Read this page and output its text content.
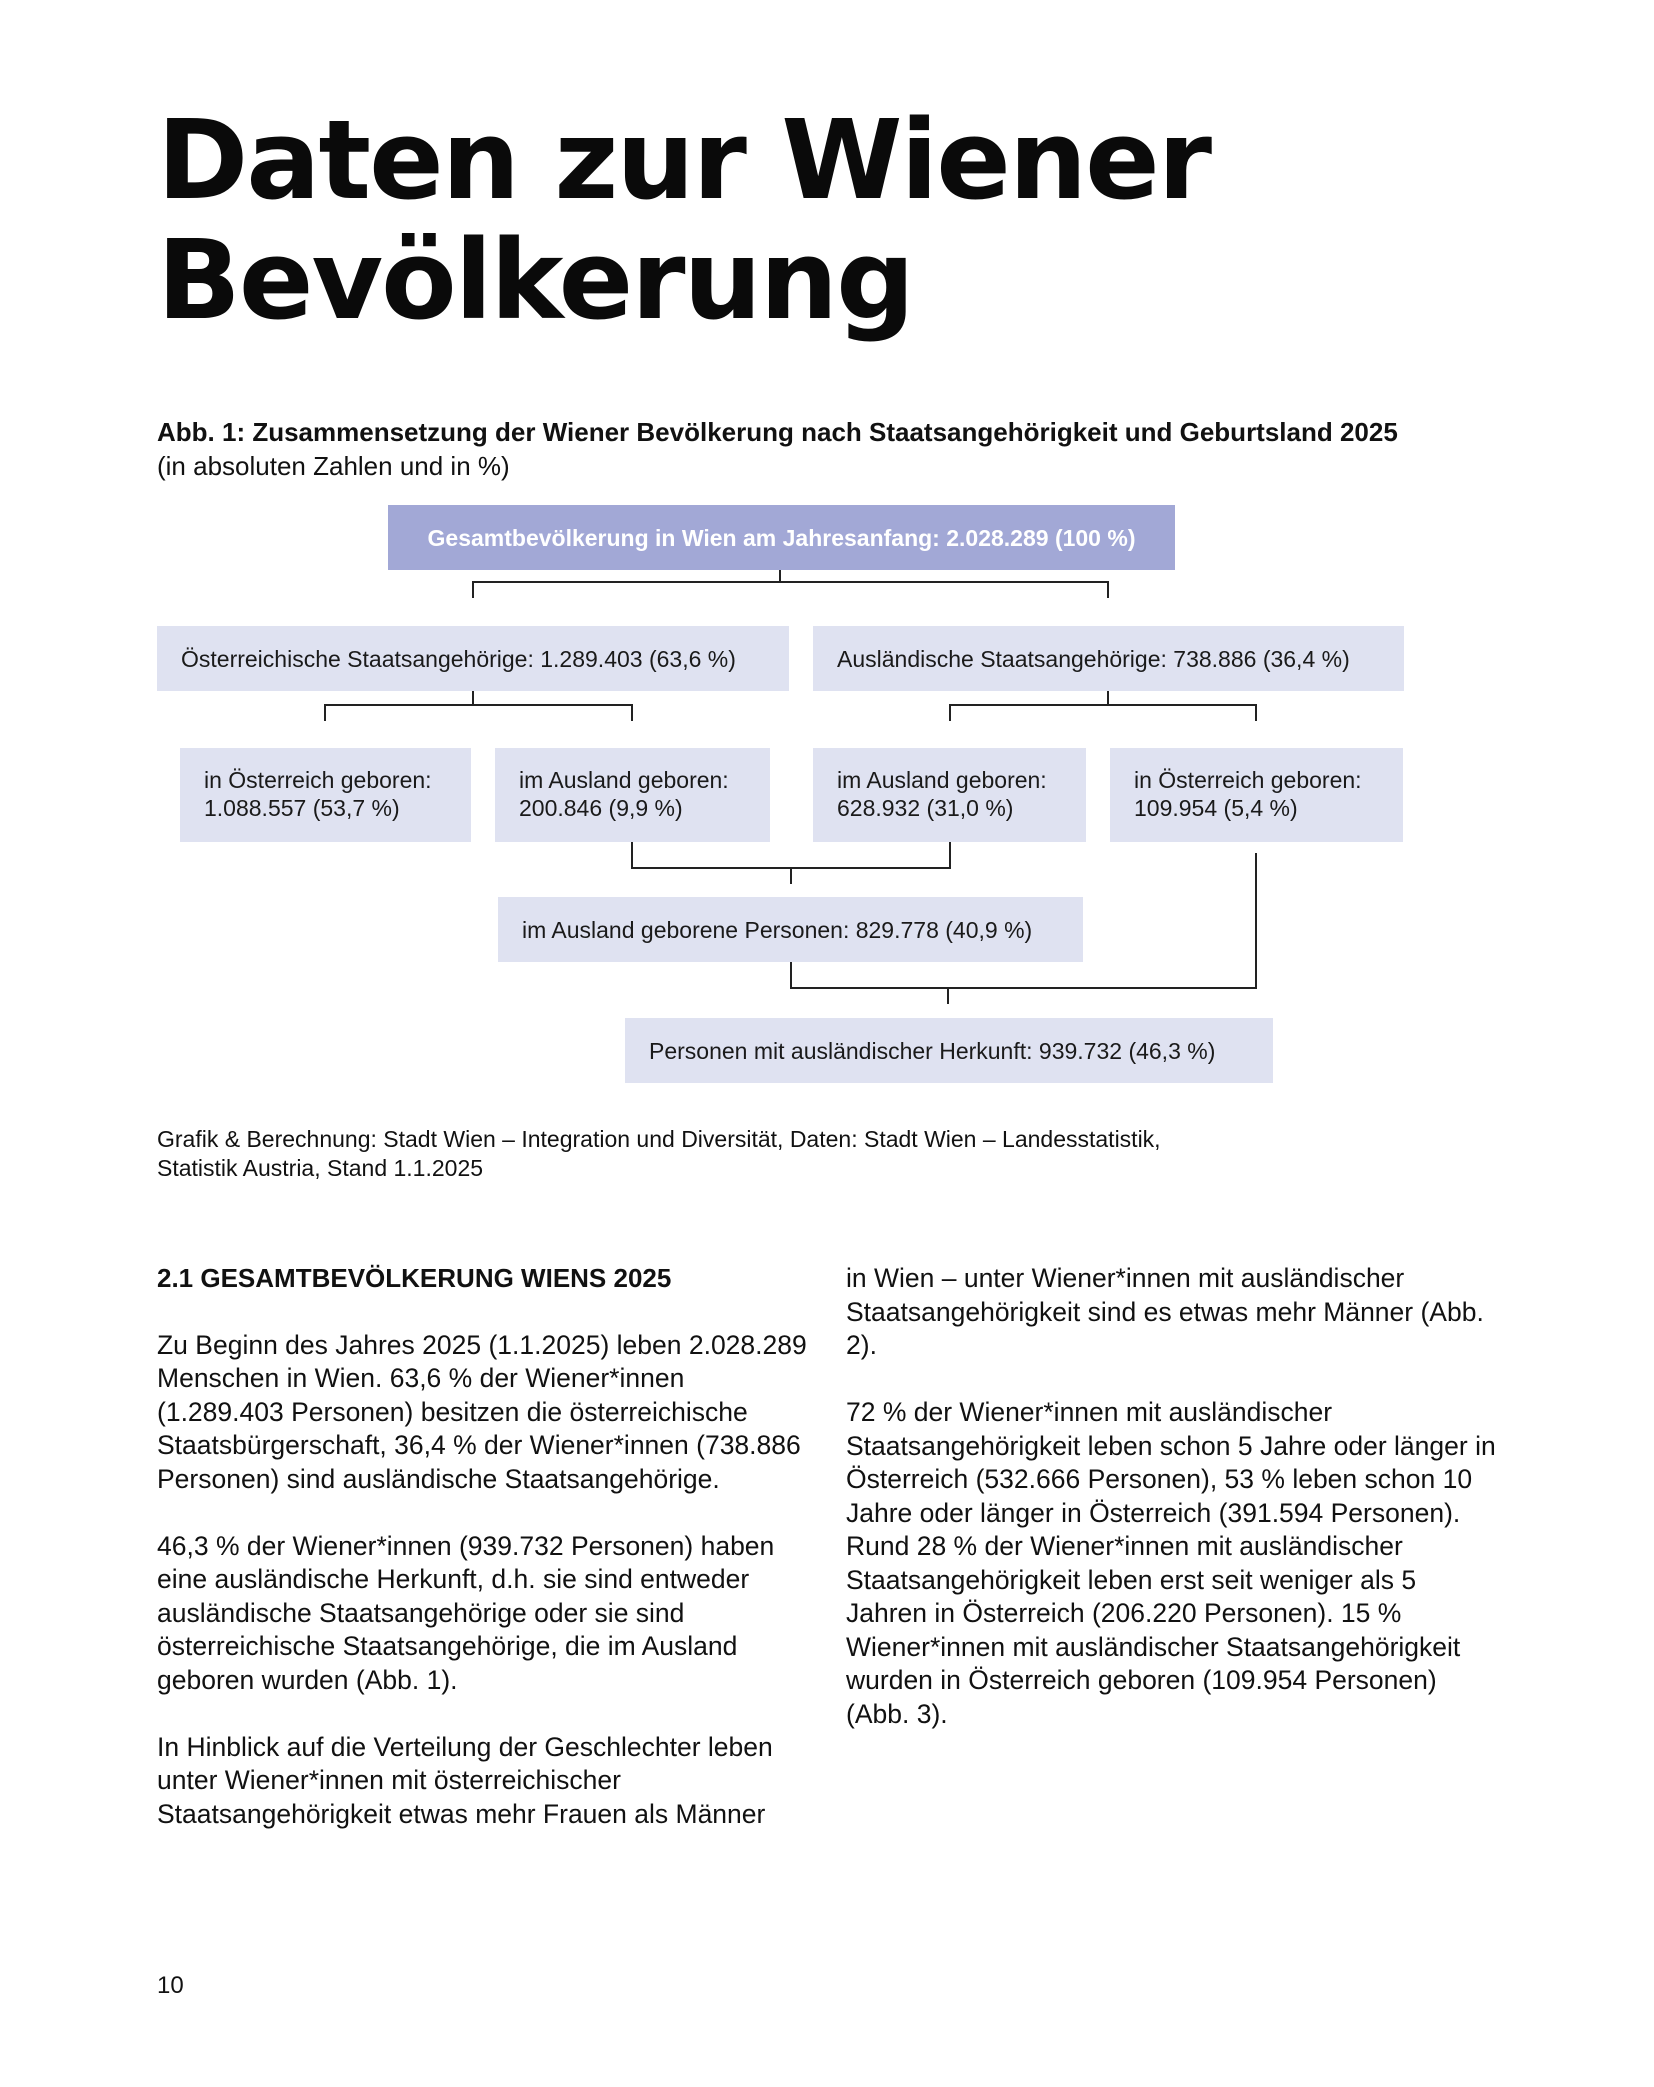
Daten zur Wiener
Bevölkerung
Abb. 1: Zusammensetzung der Wiener Bevölkerung nach Staatsangehörigkeit und Geburtsland 2025
(in absoluten Zahlen und in %)
Gesamtbevölkerung in Wien am Jahresanfang: 2.028.289 (100 %)
Österreichische Staatsangehörige: 1.289.403 (63,6 %)	Ausländische Staatsangehörige: 738.886 (36,4 %)
in Österreich geboren:
1.088.557 (53,7 %)
im Ausland geboren:
200.846 (9,9 %)
im Ausland geboren:
628.932 (31,0 %)
in Österreich geboren:
109.954 (5,4 %)
im Ausland geborene Personen: 829.778 (40,9 %)
Personen mit ausländischer Herkunft: 939.732 (46,3 %)
Grafik & Berechnung: Stadt Wien – Integration und Diversität, Daten: Stadt Wien – Landesstatistik,
Statistik Austria, Stand 1.1.2025
2.1 GESAMTBEVÖLKERUNG WIENS 2025

Zu Beginn des Jahres 2025 (1.1.2025) leben 2.028.289 Menschen in Wien. 63,6 % der Wiener*innen (1.289.403 Personen) besitzen die österreichische Staatsbürgerschaft, 36,4 % der Wiener*innen (738.886 Personen) sind ausländische Staatsangehörige.

46,3 % der Wiener*innen (939.732 Personen) haben eine ausländische Herkunft, d.h. sie sind entweder ausländische Staatsangehörige oder sie sind österreichische Staatsangehörige, die im Ausland geboren wurden (Abb. 1).

In Hinblick auf die Verteilung der Geschlechter leben unter Wiener*innen mit österreichischer Staatsangehörigkeit etwas mehr Frauen als Männer

in Wien – unter Wiener*innen mit ausländischer Staatsangehörigkeit sind es etwas mehr Männer (Abb. 2).

72 % der Wiener*innen mit ausländischer Staatsangehörigkeit leben schon 5 Jahre oder länger in Österreich (532.666 Personen), 53 % leben schon 10 Jahre oder länger in Österreich (391.594 Personen). Rund 28 % der Wiener*innen mit ausländischer Staatsangehörigkeit leben erst seit weniger als 5 Jahren in Österreich (206.220 Personen). 15 % Wiener*innen mit ausländischer Staatsangehörigkeit wurden in Österreich geboren (109.954 Personen) (Abb. 3).

10
